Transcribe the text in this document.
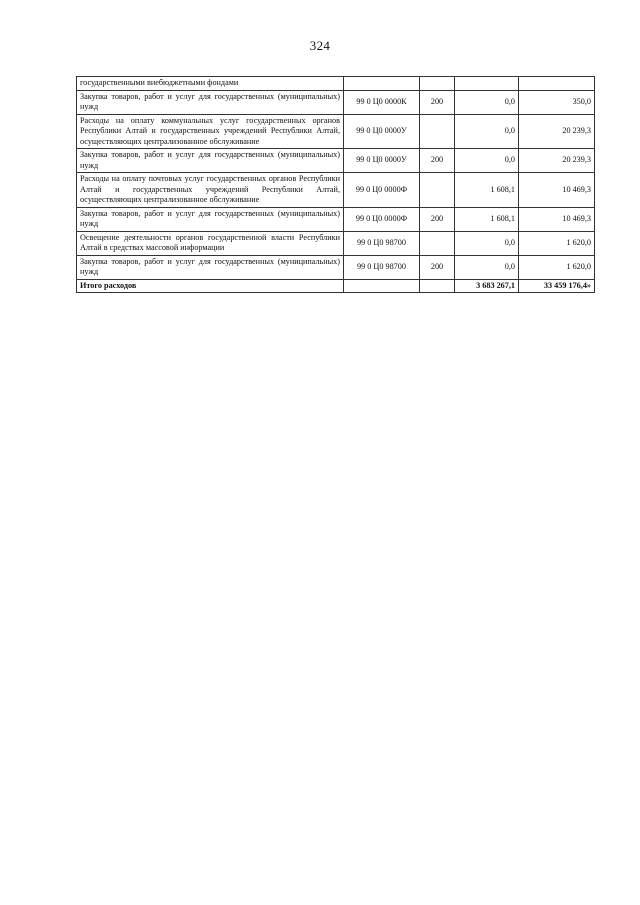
324
государственными внебюджетными фондами				
Закупка товаров, работ и услуг для государственных (муниципальных) нужд	99 0 Ц0 0000К	200	0,0	350,0
Расходы на оплату коммунальных услуг государственных органов Республики Алтай и государственных учреждений Республики Алтай, осуществляющих централизованное обслуживание	99 0 Ц0 0000У		0,0	20 239,3
Закупка товаров, работ и услуг для государственных (муниципальных) нужд	99 0 Ц0 0000У	200	0,0	20 239,3
Расходы на оплату почтовых услуг государственных органов Республики Алтай и государственных учреждений Республики Алтай, осуществляющих централизованное обслуживание	99 0 Ц0 0000Ф		1 608,1	10 469,3
Закупка товаров, работ и услуг для государственных (муниципальных) нужд	99 0 Ц0 0000Ф	200	1 608,1	10 469,3
Освещение деятельности органов государственной власти Республики Алтай в средствах массовой информации	99 0 Ц0 98700		0,0	1 620,0
Закупка товаров, работ и услуг для государственных (муниципальных) нужд	99 0 Ц0 98700	200	0,0	1 620,0
Итого расходов			3 683 267,1	33 459 176,4»
